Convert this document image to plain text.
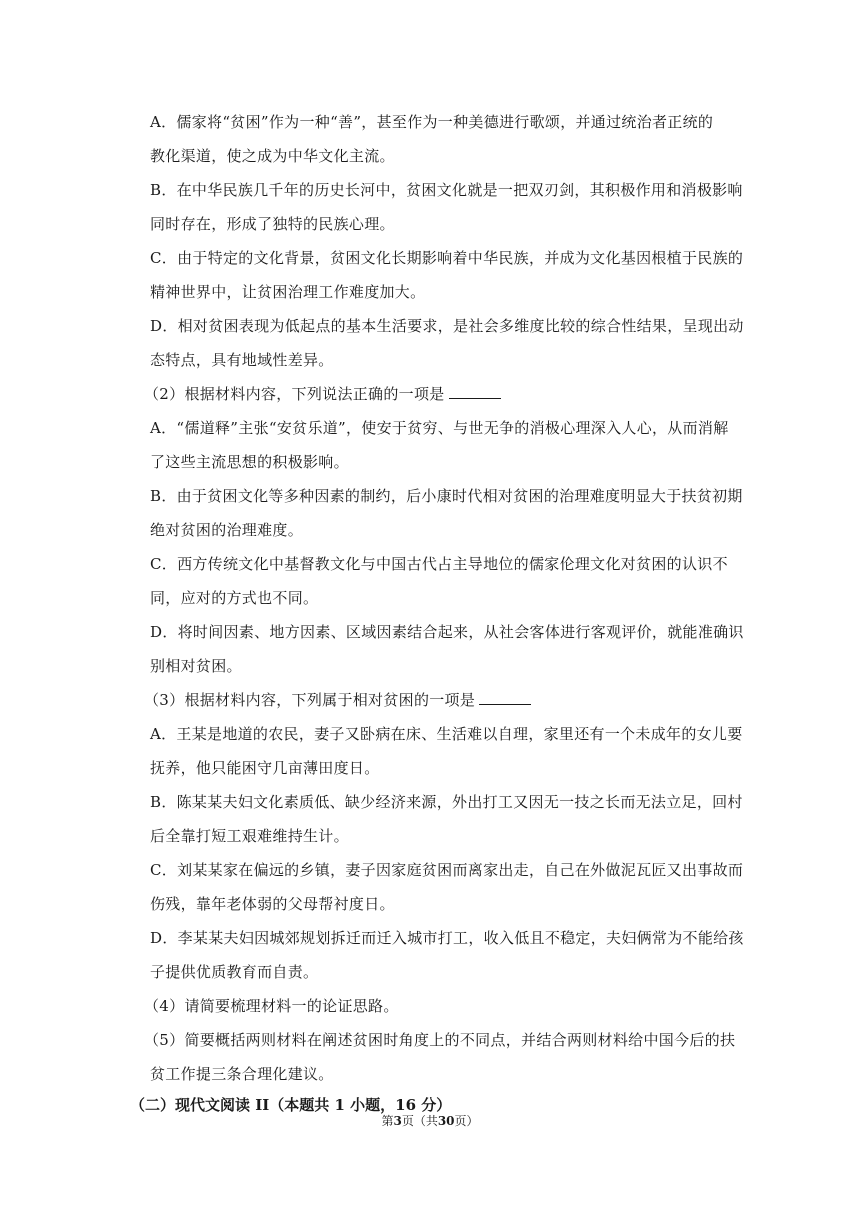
A．儒家将“贫困”作为一种“善”，甚至作为一种美德进行歌颂，并通过统治者正统的
教化渠道，使之成为中华文化主流。
B．在中华民族几千年的历史长河中，贫困文化就是一把双刃剑，其积极作用和消极影响
同时存在，形成了独特的民族心理。
C．由于特定的文化背景，贫困文化长期影响着中华民族，并成为文化基因根植于民族的
精神世界中，让贫困治理工作难度加大。
D．相对贫困表现为低起点的基本生活要求，是社会多维度比较的综合性结果，呈现出动
态特点，具有地域性差异。
（2）根据材料内容，下列说法正确的一项是
A．“儒道释”主张“安贫乐道”，使安于贫穷、与世无争的消极心理深入人心，从而消解
了这些主流思想的积极影响。
B．由于贫困文化等多种因素的制约，后小康时代相对贫困的治理难度明显大于扶贫初期
绝对贫困的治理难度。
C．西方传统文化中基督教文化与中国古代占主导地位的儒家伦理文化对贫困的认识不
同，应对的方式也不同。
D．将时间因素、地方因素、区域因素结合起来，从社会客体进行客观评价，就能准确识
别相对贫困。
（3）根据材料内容，下列属于相对贫困的一项是
A．王某是地道的农民，妻子又卧病在床、生活难以自理，家里还有一个未成年的女儿要
抚养，他只能困守几亩薄田度日。
B．陈某某夫妇文化素质低、缺少经济来源，外出打工又因无一技之长而无法立足，回村
后全靠打短工艰难维持生计。
C．刘某某家在偏远的乡镇，妻子因家庭贫困而离家出走，自己在外做泥瓦匠又出事故而
伤残，靠年老体弱的父母帮衬度日。
D．李某某夫妇因城郊规划拆迁而迁入城市打工，收入低且不稳定，夫妇俩常为不能给孩
子提供优质教育而自责。
（4）请简要梳理材料一的论证思路。
（5）简要概括两则材料在阐述贫困时角度上的不同点，并结合两则材料给中国今后的扶
贫工作提三条合理化建议。
（二）现代文阅读 II（本题共 1 小题，16 分）
第3页（共30页）
